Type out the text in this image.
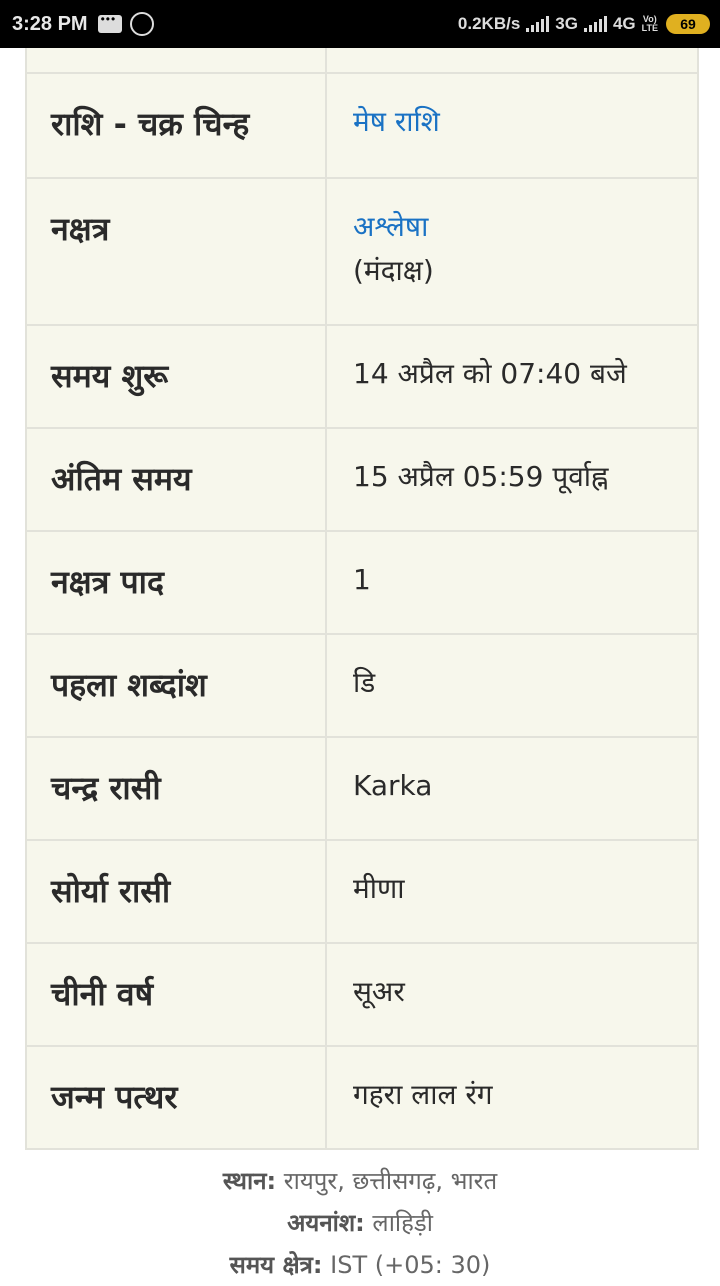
3:28 PM
•••	0.2KB/s 3G 4G Vo)
LTE	69
राशि - चक्र चिन्ह	मेष राशि
नक्षत्र	अश्लेषा
(मंदाक्ष)
समय शुरू	14 अप्रैल को 07:40 बजे
अंतिम समय	15 अप्रैल 05:59 पूर्वाह्न
नक्षत्र पाद	1
पहला शब्दांश	डि
चन्द्र रासी	Karka
सोर्या रासी	मीणा
चीनी वर्ष	सूअर
जन्म पत्थर	गहरा लाल रंग
स्थान: रायपुर, छत्तीसगढ़, भारत
अयनांश: लाहिड़ी
समय क्षेत्र: IST (+05: 30)
